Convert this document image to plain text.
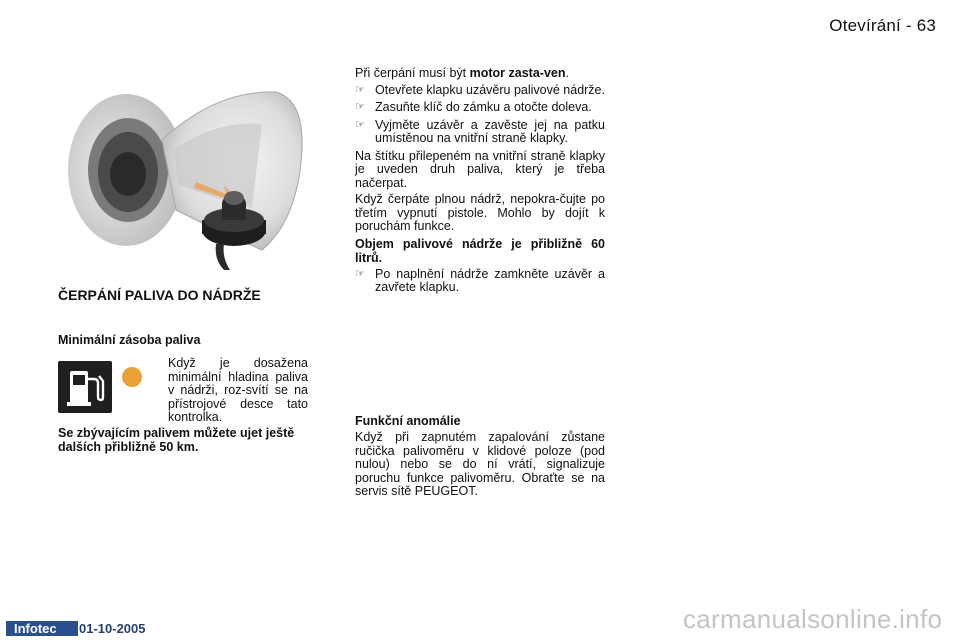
Otevírání - 63
ČERPÁNÍ PALIVA DO NÁDRŽE
Minimální zásoba paliva
Když je dosažena minimální hladina paliva v nádrži, roz-svítí se na přístrojové desce tato kontrolka.
Se zbývajícím palivem můžete ujet ještě dalších přibližně 50 km.

Při čerpání musí být motor zasta-ven.

☞ Otevřete klapku uzávěru palivové nádrže.
☞ Zasuňte klíč do zámku a otočte doleva.
☞ Vyjměte uzávěr a zavěste jej na patku umístěnou na vnitřní straně klapky.

Na štítku přilepeném na vnitřní straně klapky je uveden druh paliva, který je třeba načerpat.

Když čerpáte plnou nádrž, nepokra-čujte po třetím vypnutí pistole. Mohlo by dojít k poruchám funkce.

Objem palivové nádrže je přibližně 60 litrů.

☞ Po naplnění nádrže zamkněte uzávěr a zavřete klapku.

Funkční anomálie

Když při zapnutém zapalování zůstane ručička palivoměru v klidové poloze (pod nulou) nebo se do ní vrátí, signalizuje poruchu funkce palivoměru. Obraťte se na servis sítě PEUGEOT.

Infotec	01-10-2005	carmanualsonline.info
